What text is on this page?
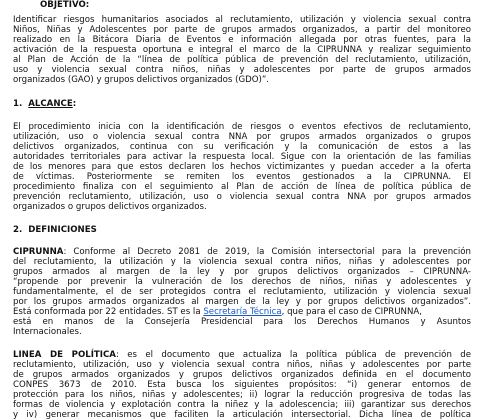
OBJETIVO:
Identificar riesgos humanitarios asociados al reclutamiento, utilización y violencia sexual contra
Niños, Niñas y Adolescentes por parte de grupos armados organizados, a partir del monitoreo
realizado en la Bitácora Diaria de Eventos e información allegada por otras fuentes, para la
activación de la respuesta oportuna e integral el marco de la CIPRUNNA y realizar seguimiento
al Plan de Acción de la “línea de política pública de prevención del reclutamiento, utilización,
uso y violencia sexual contra niños, niñas y adolescentes por parte de grupos armados
organizados (GAO) y grupos delictivos organizados (GDO)”.
1. ALCANCE:
El procedimiento inicia con la identificación de riesgos o eventos efectivos de reclutamiento,
utilización, uso o violencia sexual contra NNA por grupos armados organizados o grupos
delictivos organizados, continua con su verificación y la comunicación de estos a las
autoridades territoriales para activar la respuesta local. Sigue con la orientación de las familias
de los menores para que estos declaren los hechos victimizantes y puedan acceder a la oferta
de víctimas. Posteriormente se remiten los eventos gestionados a la CIPRUNNA. El
procedimiento finaliza con el seguimiento al Plan de acción de línea de política pública de
prevención reclutamiento, utilización, uso o violencia sexual contra NNA por grupos armados
organizados o grupos delictivos organizados.
2. DEFINICIONES
CIPRUNNA: Conforme al Decreto 2081 de 2019, la Comisión intersectorial para la prevención
del reclutamiento, la utilización y la violencia sexual contra niños, niñas y adolescentes por
grupos armados al margen de la ley y por grupos delictivos organizados – CIPRUNNA-
“propende por prevenir la vulneración de los derechos de niños, niñas y adolescentes y
fundamentalmente, el de ser protegidos contra el reclutamiento, utilización y violencia sexual
por los grupos armados organizados al margen de la ley y por grupos delictivos organizados”.
Está conformada por 22 entidades. ST es la Secretaría Técnica, que para el caso de CIPRUNNA,
está en manos de la Consejería Presidencial para los Derechos Humanos y Asuntos
Internacionales.
LINEA DE POLÍTICA: es el documento que actualiza la política pública de prevención de
reclutamiento, utilización, uso y violencia sexual contra niños, niñas y adolescentes por parte
de grupos armados organizados y grupos delictivos organizados definida en el documento
CONPES 3673 de 2010. Esta busca los siguientes propósitos: “i) generar entornos de
protección para los niños, niñas y adolescentes; ii) lograr la reducción progresiva de todas las
formas de violencia y explotación contra la niñez y la adolescencia; iii) garantizar sus derechos
y iv) generar mecanismos que faciliten la articulación intersectorial. Dicha línea de política
